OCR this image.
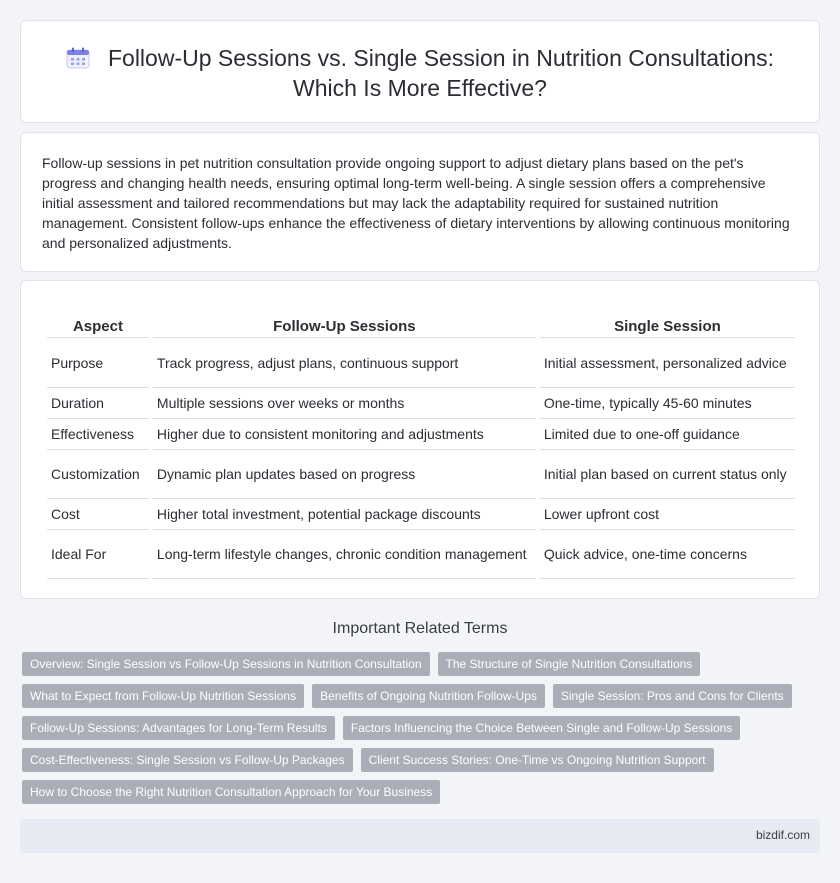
Follow-Up Sessions vs. Single Session in Nutrition Consultations:
Which Is More Effective?

Follow-up sessions in pet nutrition consultation provide ongoing support to adjust dietary plans based on the pet's progress and changing health needs, ensuring optimal long-term well-being. A single session offers a comprehensive initial assessment and tailored recommendations but may lack the adaptability required for sustained nutrition management. Consistent follow-ups enhance the effectiveness of dietary interventions by allowing continuous monitoring and personalized adjustments.

Aspect	Follow-Up Sessions	Single Session
Purpose	Track progress, adjust plans, continuous support	Initial assessment, personalized advice
Duration	Multiple sessions over weeks or months	One-time, typically 45-60 minutes
Effectiveness	Higher due to consistent monitoring and adjustments	Limited due to one-off guidance
Customization	Dynamic plan updates based on progress	Initial plan based on current status only
Cost	Higher total investment, potential package discounts	Lower upfront cost
Ideal For	Long-term lifestyle changes, chronic condition management	Quick advice, one-time concerns
Important Related Terms
Overview: Single Session vs Follow-Up Sessions in Nutrition Consultation	The Structure of Single Nutrition Consultations
What to Expect from Follow-Up Nutrition Sessions	Benefits of Ongoing Nutrition Follow-Ups	Single Session: Pros and Cons for Clients
Follow-Up Sessions: Advantages for Long-Term Results	Factors Influencing the Choice Between Single and Follow-Up Sessions
Cost-Effectiveness: Single Session vs Follow-Up Packages	Client Success Stories: One-Time vs Ongoing Nutrition Support
How to Choose the Right Nutrition Consultation Approach for Your Business
bizdif.com
